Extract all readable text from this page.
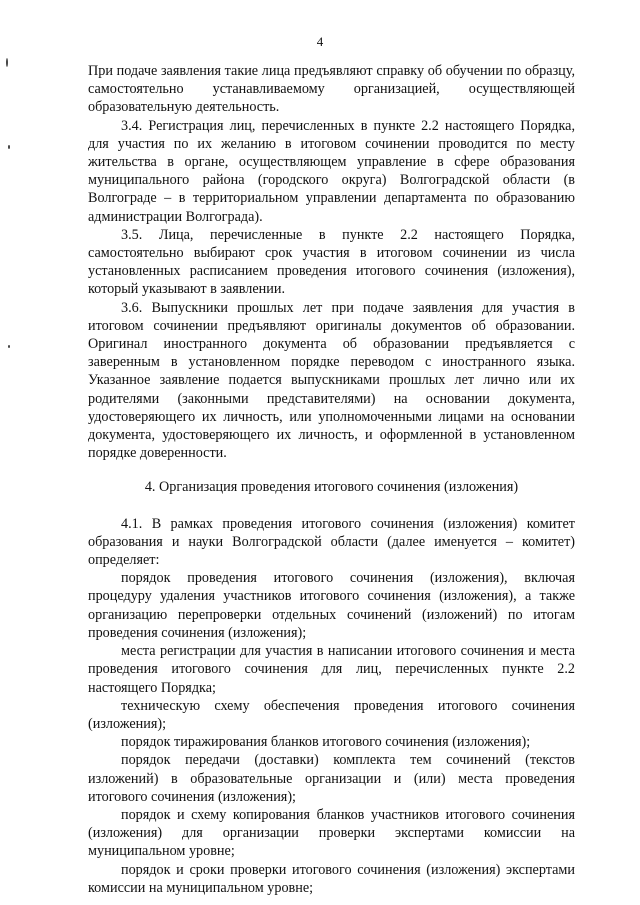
4

При подаче заявления такие лица предъявляют справку об обучении по образцу, самостоятельно устанавливаемому организацией, осуществляющей образовательную деятельность.

3.4. Регистрация лиц, перечисленных в пункте 2.2 настоящего Порядка, для участия по их желанию в итоговом сочинении проводится по месту жительства в органе, осуществляющем управление в сфере образования муниципального района (городского округа) Волгоградской области (в Волгограде – в территориальном управлении департамента по образованию администрации Волгограда).

3.5. Лица, перечисленные в пункте 2.2 настоящего Порядка, самостоятельно выбирают срок участия в итоговом сочинении из числа установленных расписанием проведения итогового сочинения (изложения), который указывают в заявлении.

3.6. Выпускники прошлых лет при подаче заявления для участия в итоговом сочинении предъявляют оригиналы документов об образовании. Оригинал иностранного документа об образовании предъявляется с заверенным в установленном порядке переводом с иностранного языка. Указанное заявление подается выпускниками прошлых лет лично или их родителями (законными представителями) на основании документа, удостоверяющего их личность, или уполномоченными лицами на основании документа, удостоверяющего их личность, и оформленной в установленном порядке доверенности.

4. Организация проведения итогового сочинения (изложения)

4.1. В рамках проведения итогового сочинения (изложения) комитет образования и науки Волгоградской области (далее именуется – комитет) определяет:

порядок проведения итогового сочинения (изложения), включая процедуру удаления участников итогового сочинения (изложения), а также организацию перепроверки отдельных сочинений (изложений) по итогам проведения сочинения (изложения);

места регистрации для участия в написании итогового сочинения и места проведения итогового сочинения для лиц, перечисленных пункте 2.2 настоящего Порядка;

техническую схему обеспечения проведения итогового сочинения (изложения);

порядок тиражирования бланков итогового сочинения (изложения);

порядок передачи (доставки) комплекта тем сочинений (текстов изложений) в образовательные организации и (или) места проведения итогового сочинения (изложения);

порядок и схему копирования бланков участников итогового сочинения (изложения) для организации проверки экспертами комиссии на муниципальном уровне;

порядок и сроки проверки итогового сочинения (изложения) экспертами комиссии на муниципальном уровне;
